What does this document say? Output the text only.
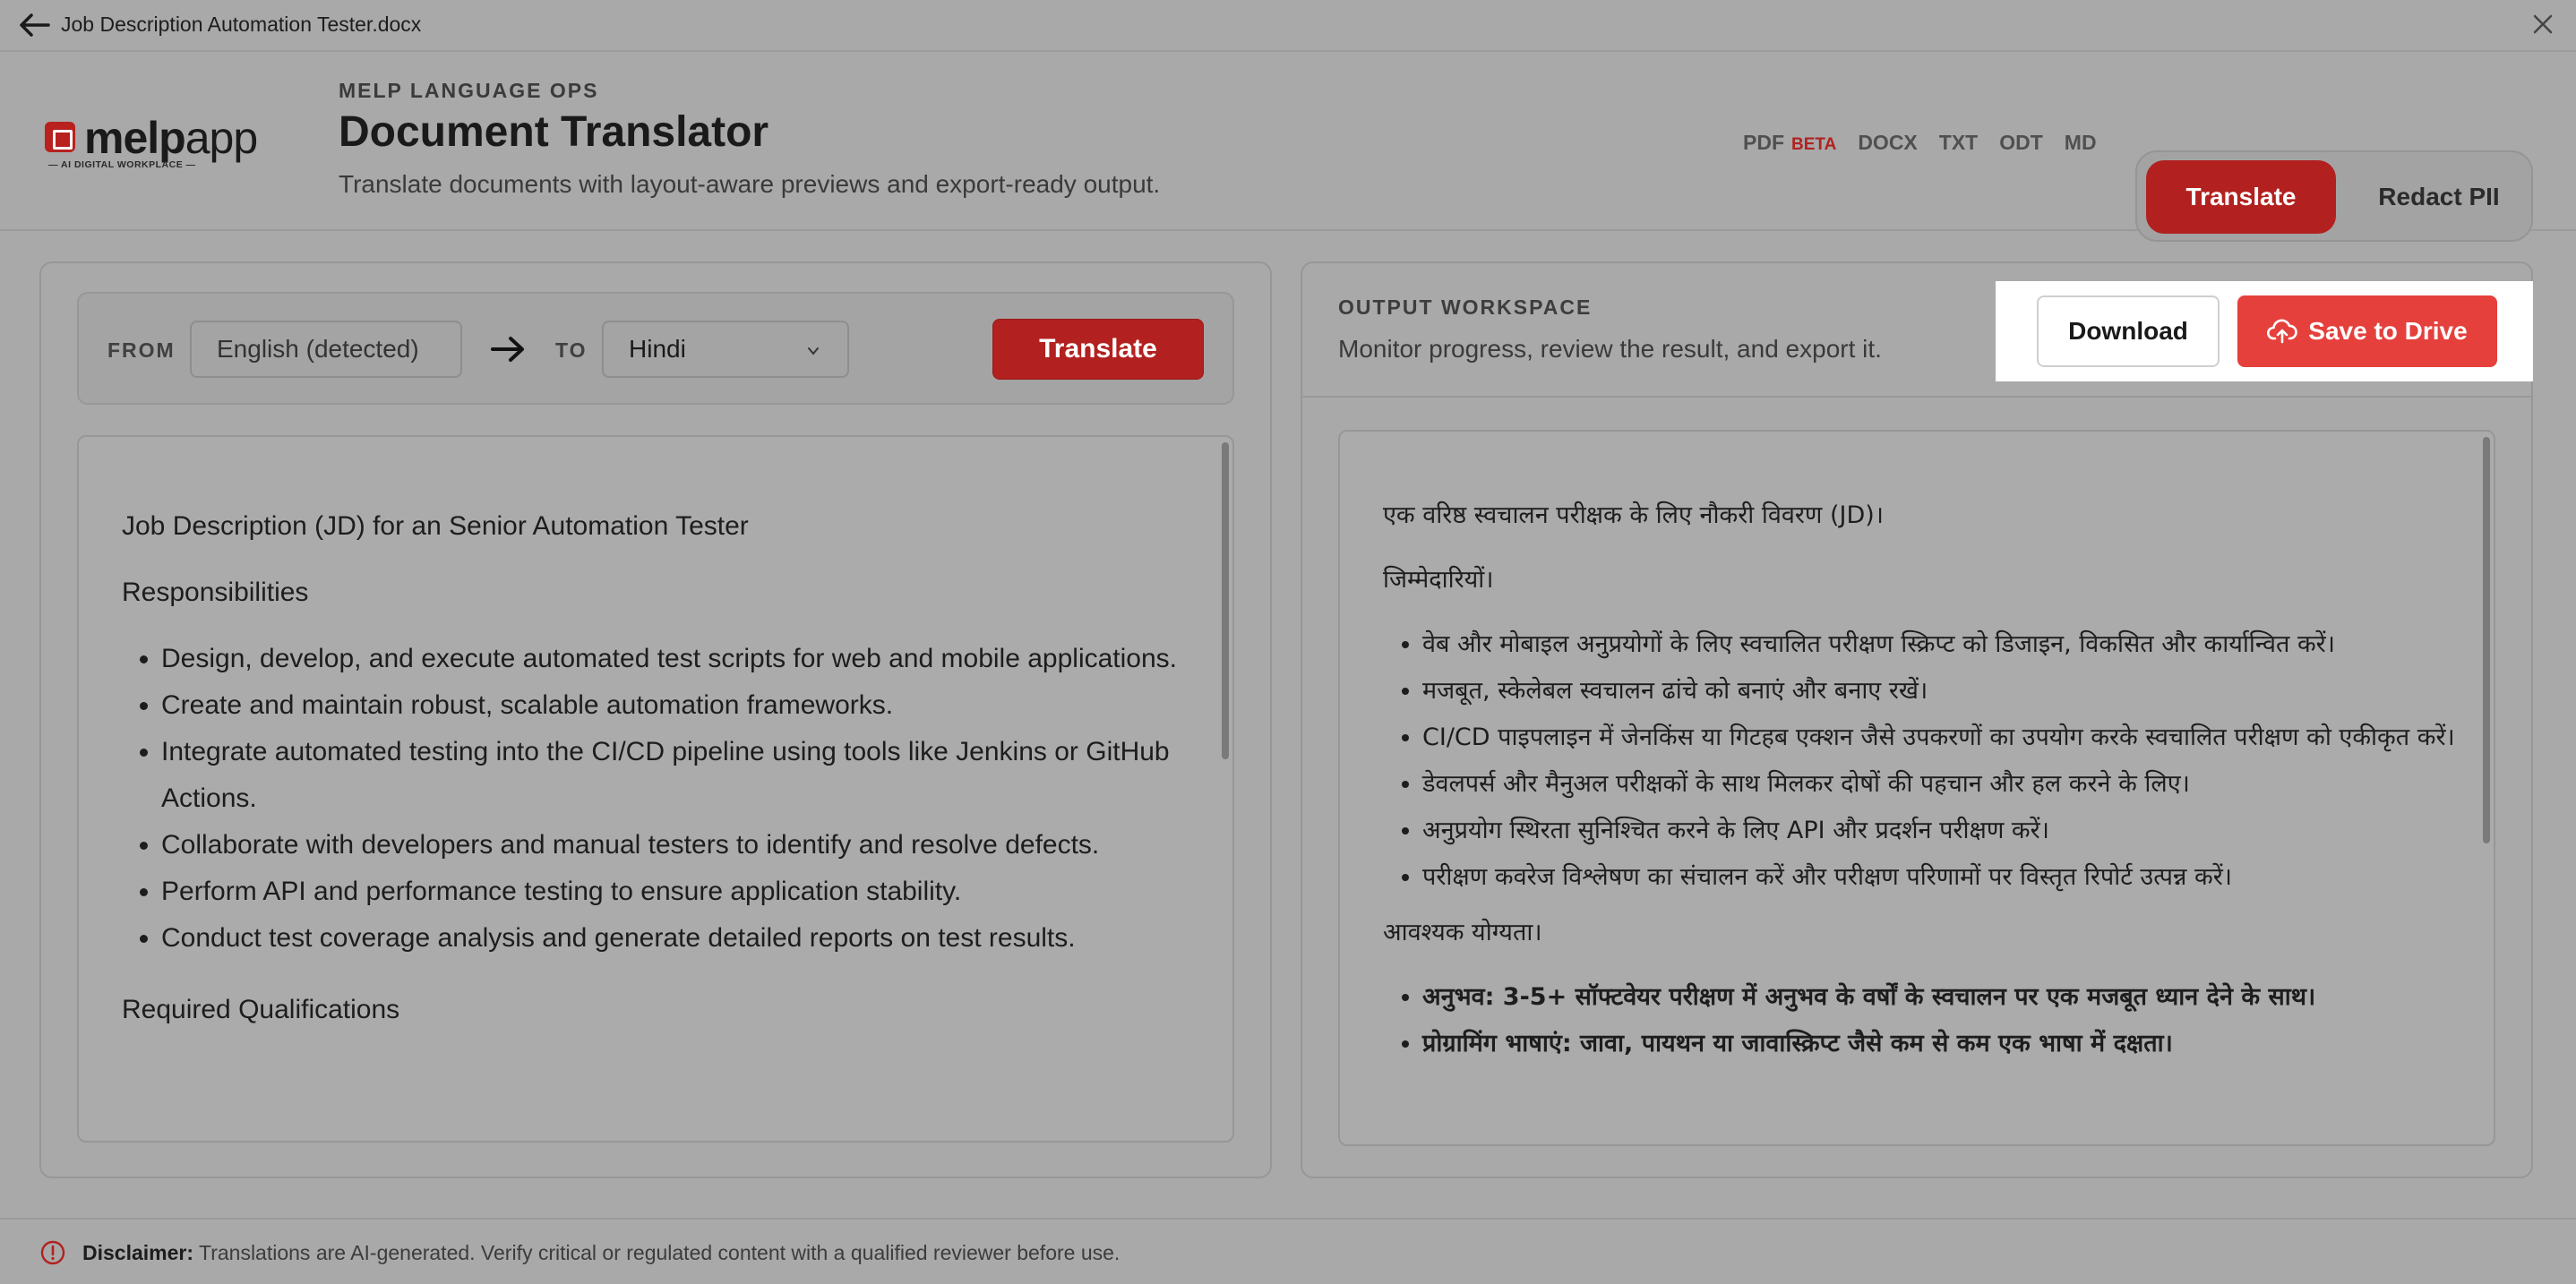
Job Description Automation Tester.docx
melpapp
— AI DIGITAL WORKPLACE —
MELP LANGUAGE OPS
Document Translator
Translate documents with layout-aware previews and export-ready output.
PDF BETA DOCX TXT ODT MD
Translate	Redact PII
FROM	English (detected)	TO Hindi	Translate

Job Description (JD) for an Senior Automation Tester

Responsibilities

• Design, develop, and execute automated test scripts for web and mobile applications.
• Create and maintain robust, scalable automation frameworks.
• Integrate automated testing into the CI/CD pipeline using tools like Jenkins or GitHub Actions.
• Collaborate with developers and manual testers to identify and resolve defects.
• Perform API and performance testing to ensure application stability.
• Conduct test coverage analysis and generate detailed reports on test results.

Required Qualifications

OUTPUT WORKSPACE
Monitor progress, review the result, and export it.
Download	Save to Drive

एक वरिष्ठ स्वचालन परीक्षक के लिए नौकरी विवरण (JD)।

जिम्मेदारियों।

• वेब और मोबाइल अनुप्रयोगों के लिए स्वचालित परीक्षण स्क्रिप्ट को डिजाइन, विकसित और कार्यान्वित करें।
• मजबूत, स्केलेबल स्वचालन ढांचे को बनाएं और बनाए रखें।
• CI/CD पाइपलाइन में जेनकिंस या गिटहब एक्शन जैसे उपकरणों का उपयोग करके स्वचालित परीक्षण को एकीकृत करें।
• डेवलपर्स और मैनुअल परीक्षकों के साथ मिलकर दोषों की पहचान और हल करने के लिए।
• अनुप्रयोग स्थिरता सुनिश्चित करने के लिए API और प्रदर्शन परीक्षण करें।
• परीक्षण कवरेज विश्लेषण का संचालन करें और परीक्षण परिणामों पर विस्तृत रिपोर्ट उत्पन्न करें।

आवश्यक योग्यता।

• अनुभव: 3-5+ सॉफ्टवेयर परीक्षण में अनुभव के वर्षों के स्वचालन पर एक मजबूत ध्यान देने के साथ।
• प्रोग्रामिंग भाषाएं: जावा, पायथन या जावास्क्रिप्ट जैसे कम से कम एक भाषा में दक्षता।
Disclaimer: Translations are AI-generated. Verify critical or regulated content with a qualified reviewer before use.
